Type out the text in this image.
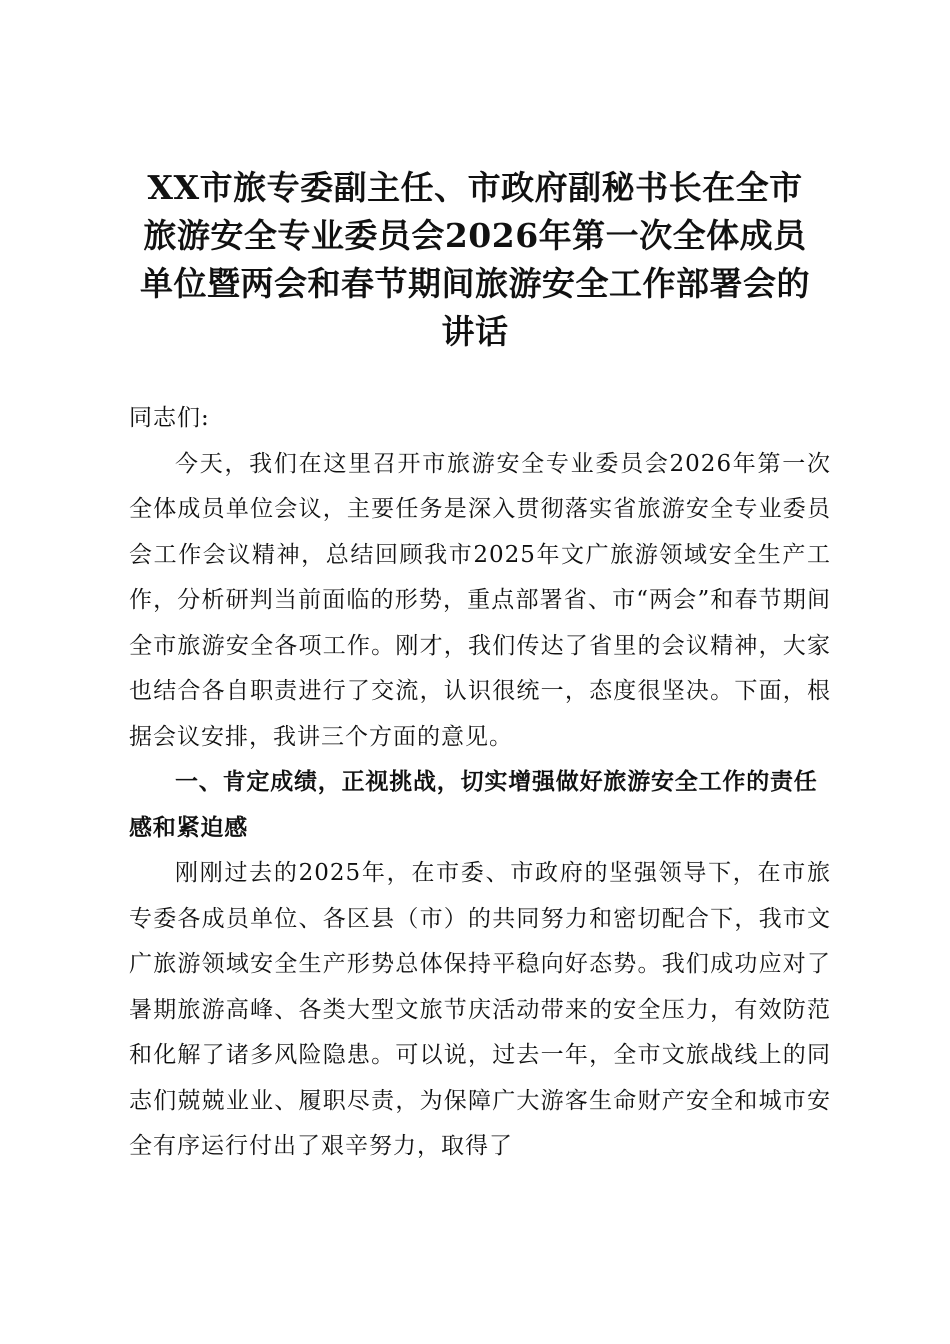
XX市旅专委副主任、市政府副秘书长在全市
旅游安全专业委员会2026年第一次全体成员
单位暨两会和春节期间旅游安全工作部署会的
讲话

同志们:

今天，我们在这里召开市旅游安全专业委员会2026年第一次全体成员单位会议，主要任务是深入贯彻落实省旅游安全专业委员会工作会议精神，总结回顾我市2025年文广旅游领域安全生产工作，分析研判当前面临的形势，重点部署省、市“两会”和春节期间全市旅游安全各项工作。刚才，我们传达了省里的会议精神，大家也结合各自职责进行了交流，认识很统一，态度很坚决。下面，根据会议安排，我讲三个方面的意见。

一、肯定成绩，正视挑战，切实增强做好旅游安全工作的责任感和紧迫感

刚刚过去的2025年，在市委、市政府的坚强领导下，在市旅专委各成员单位、各区县（市）的共同努力和密切配合下，我市文广旅游领域安全生产形势总体保持平稳向好态势。我们成功应对了暑期旅游高峰、各类大型文旅节庆活动带来的安全压力，有效防范和化解了诸多风险隐患。可以说，过去一年，全市文旅战线上的同志们兢兢业业、履职尽责，为保障广大游客生命财产安全和城市安全有序运行付出了艰辛努力，取得了
